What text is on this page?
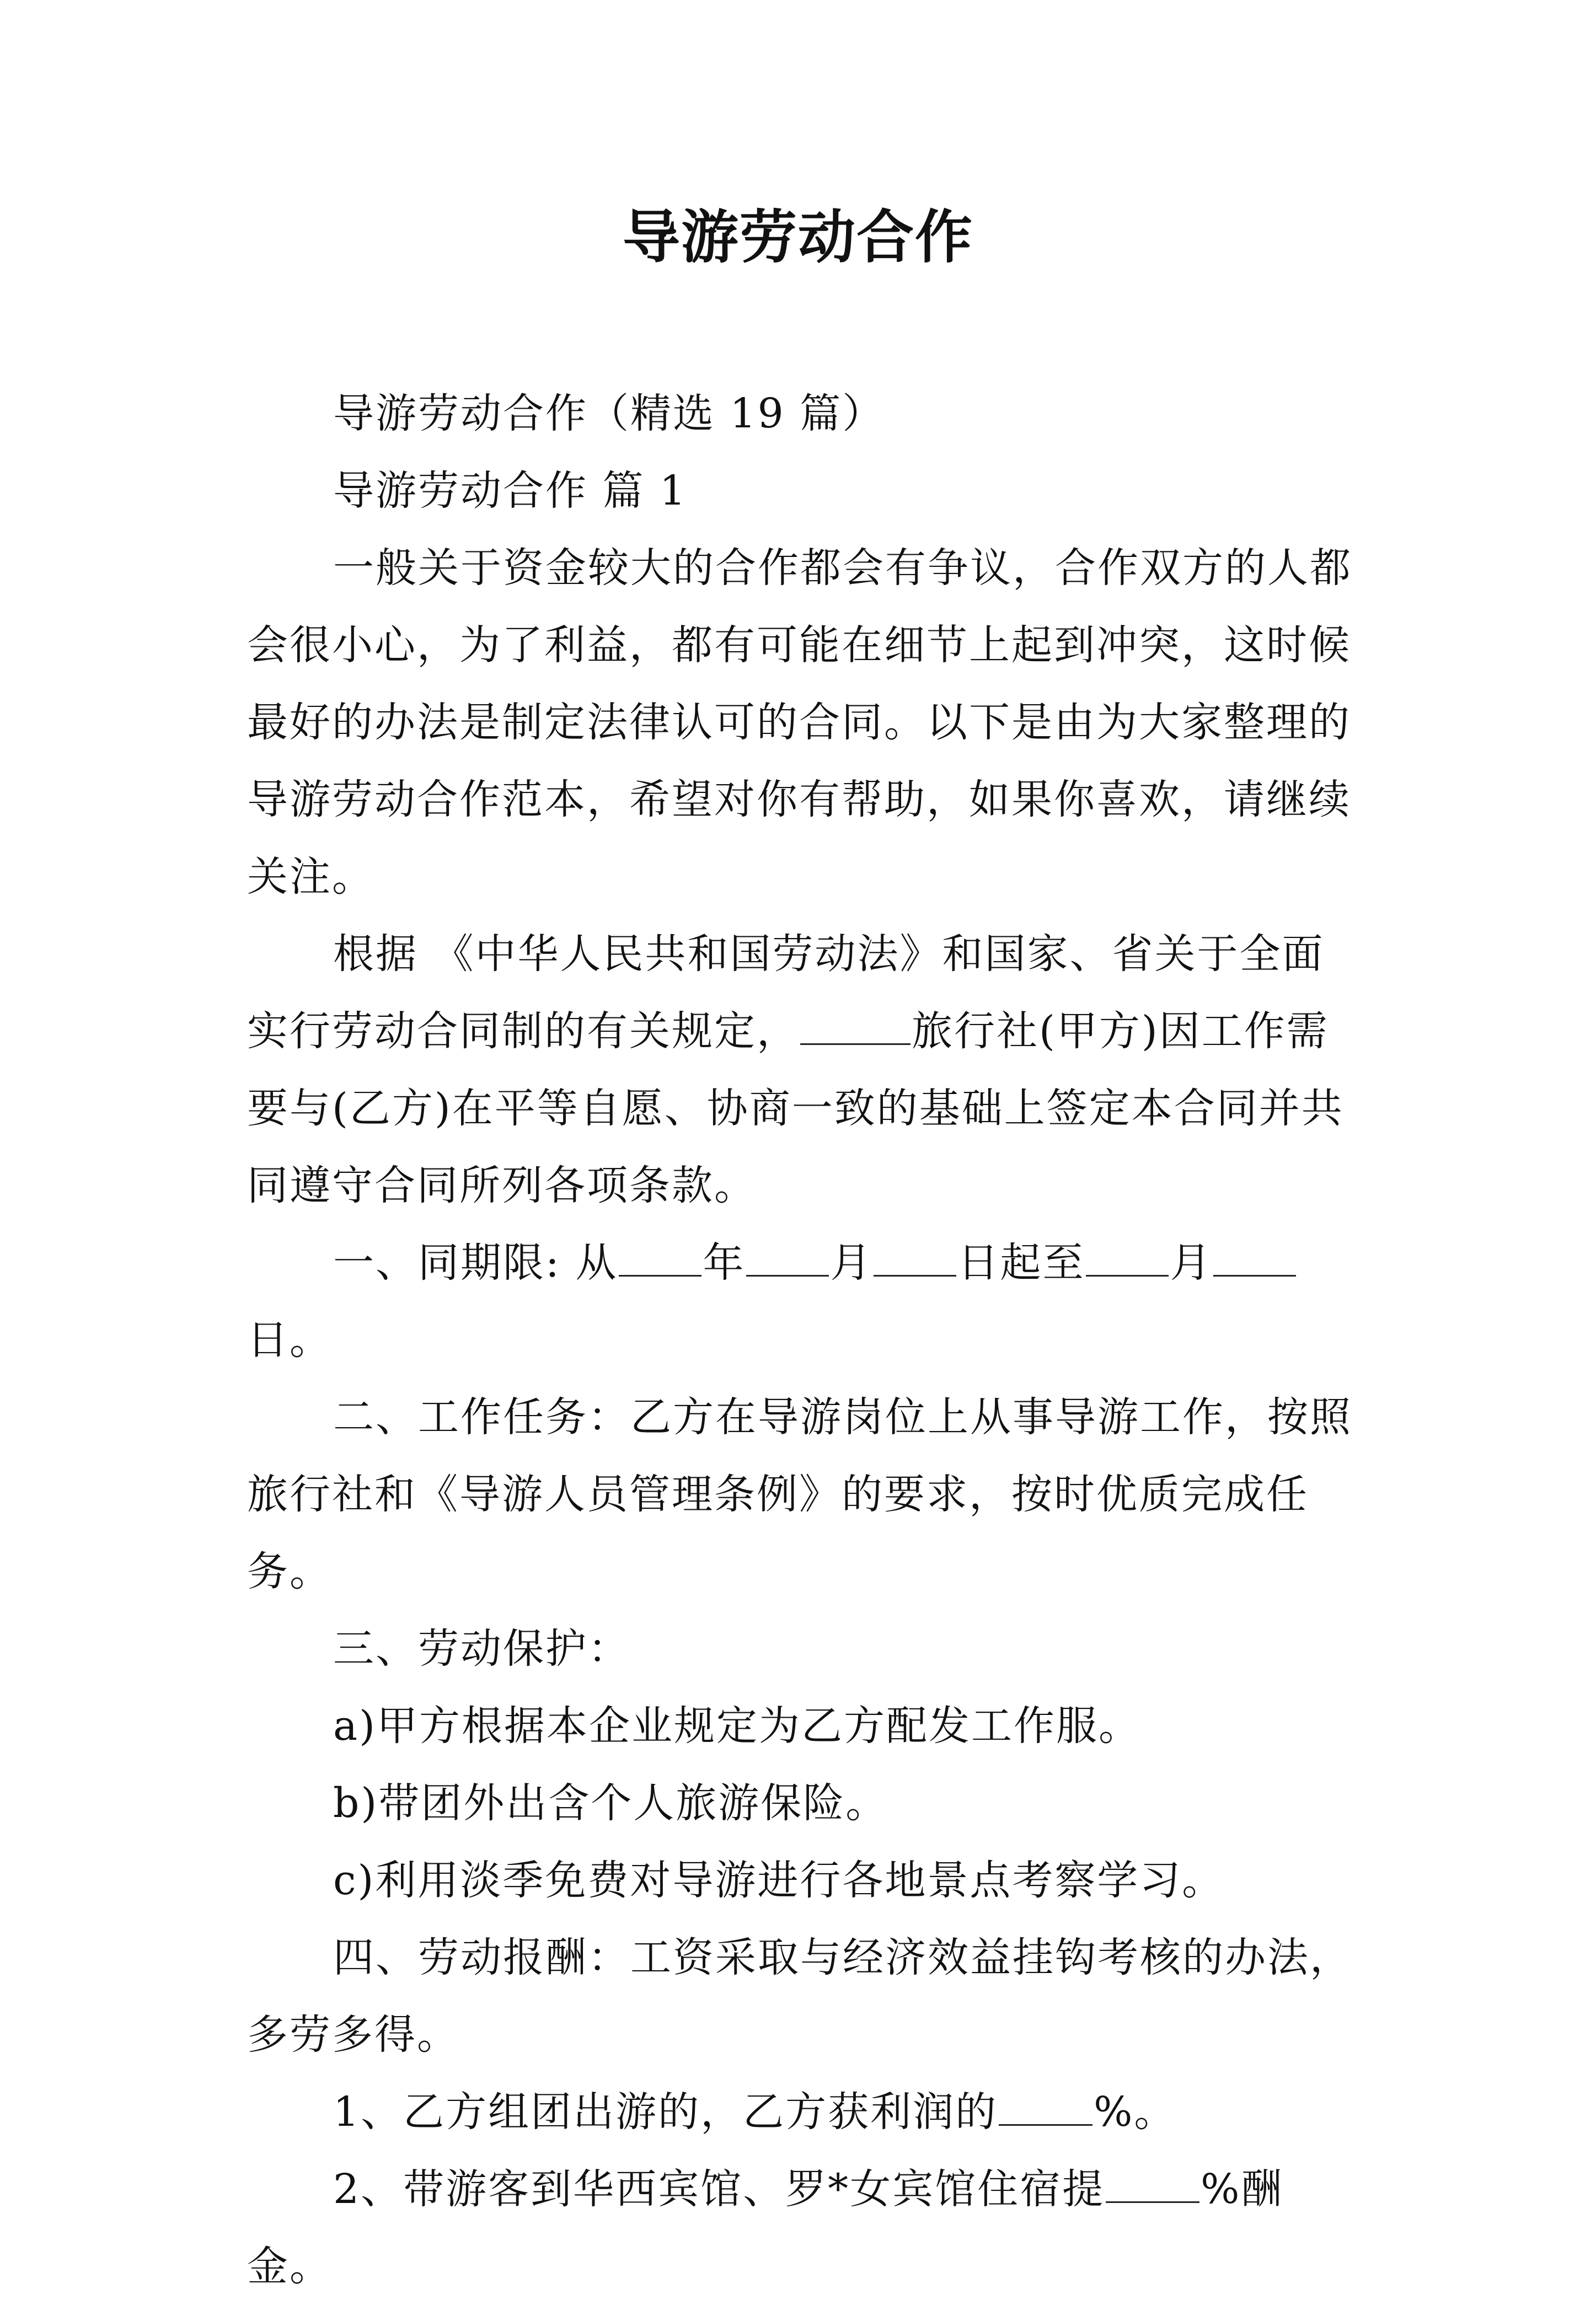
导游劳动合作

导游劳动合作（精选 19 篇）

导游劳动合作 篇 1

一般关于资金较大的合作都会有争议，合作双方的人都会很小心，为了利益，都有可能在细节上起到冲突，这时候最好的办法是制定法律认可的合同。以下是由为大家整理的导游劳动合作范本，希望对你有帮助，如果你喜欢，请继续关注。

根据 《中华人民共和国劳动法》和国家、省关于全面实行劳动合同制的有关规定，	旅行社(甲方)因工作需要与(乙方)在平等自愿、协商一致的基础上签定本合同并共同遵守合同所列各项条款。

一、同期限: 从 年 月 日起至 月日。

二、工作任务：乙方在导游岗位上从事导游工作，按照旅行社和《导游人员管理条例》的要求，按时优质完成任务。

三、劳动保护：

a)甲方根据本企业规定为乙方配发工作服。

b)带团外出含个人旅游保险。

c)利用淡季免费对导游进行各地景点考察学习。

四、劳动报酬：工资采取与经济效益挂钩考核的办法，多劳多得。

1、乙方组团出游的，乙方获利润的 %。

2、带游客到华西宾馆、罗*女宾馆住宿提 %酬金。
